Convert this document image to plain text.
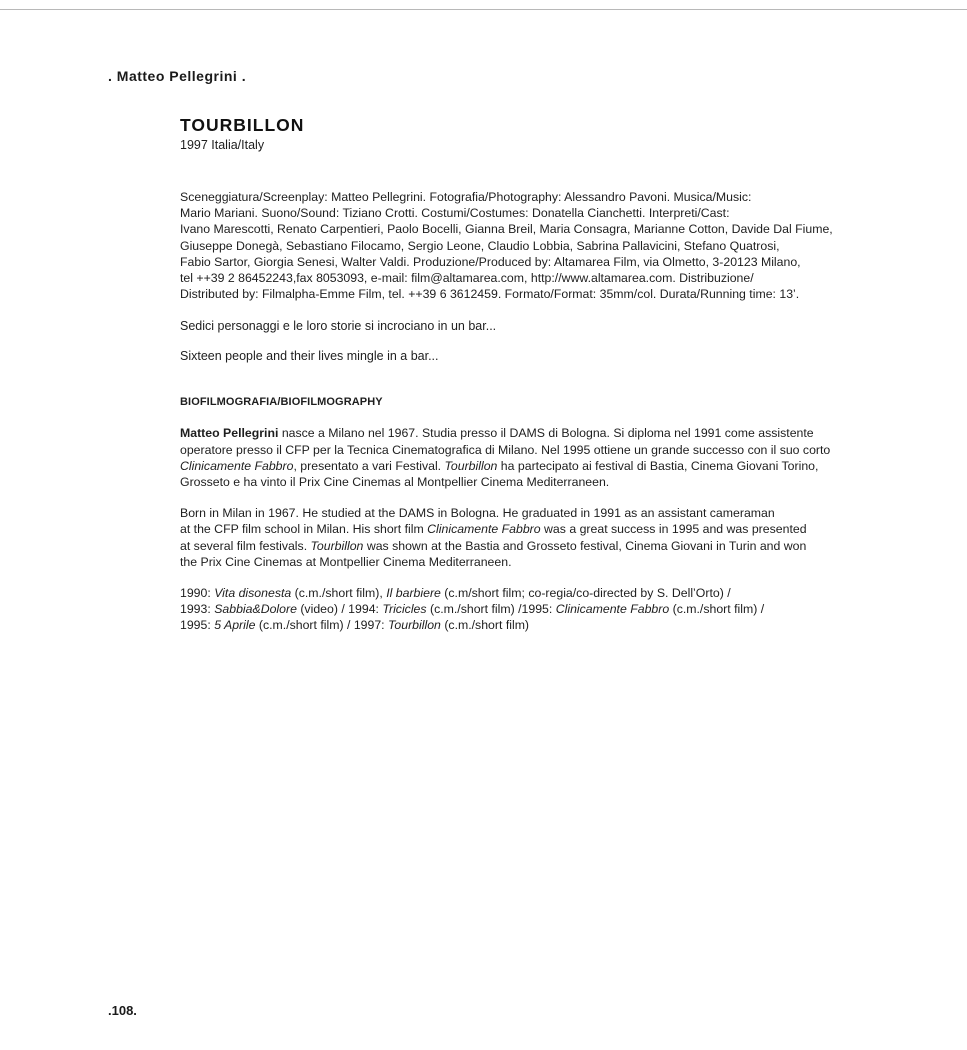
. Matteo Pellegrini .
TOURBILLON
1997 Italia/Italy
Sceneggiatura/Screenplay: Matteo Pellegrini. Fotografia/Photography: Alessandro Pavoni. Musica/Music:
Mario Mariani. Suono/Sound: Tiziano Crotti. Costumi/Costumes: Donatella Cianchetti. Interpreti/Cast:
Ivano Marescotti, Renato Carpentieri, Paolo Bocelli, Gianna Breil, Maria Consagra, Marianne Cotton, Davide Dal Fiume,
Giuseppe Donegà, Sebastiano Filocamo, Sergio Leone, Claudio Lobbia, Sabrina Pallavicini, Stefano Quatrosi,
Fabio Sartor, Giorgia Senesi, Walter Valdi. Produzione/Produced by: Altamarea Film, via Olmetto, 3-20123 Milano,
tel ++39 2 86452243,fax 8053093, e-mail: film@altamarea.com, http://www.altamarea.com. Distribuzione/
Distributed by: Filmalpha-Emme Film, tel. ++39 6 3612459. Formato/Format: 35mm/col. Durata/Running time: 13’.
Sedici personaggi e le loro storie si incrociano in un bar...
Sixteen people and their lives mingle in a bar...
BIOFILMOGRAFIA/BIOFILMOGRAPHY
Matteo Pellegrini nasce a Milano nel 1967. Studia presso il DAMS di Bologna. Si diploma nel 1991 come assistente
operatore presso il CFP per la Tecnica Cinematografica di Milano. Nel 1995 ottiene un grande successo con il suo corto
Clinicamente Fabbro, presentato a vari Festival. Tourbillon ha partecipato ai festival di Bastia, Cinema Giovani Torino,
Grosseto e ha vinto il Prix Cine Cinemas al Montpellier Cinema Mediterraneen.
Born in Milan in 1967. He studied at the DAMS in Bologna. He graduated in 1991 as an assistant cameraman
at the CFP film school in Milan. His short film Clinicamente Fabbro was a great success in 1995 and was presented
at several film festivals. Tourbillon was shown at the Bastia and Grosseto festival, Cinema Giovani in Turin and won
the Prix Cine Cinemas at Montpellier Cinema Mediterraneen.
1990: Vita disonesta (c.m./short film), Il barbiere (c.m/short film; co-regia/co-directed by S. Dell’Orto) /
1993: Sabbia&Dolore (video) / 1994: Tricicles (c.m./short film) /1995: Clinicamente Fabbro (c.m./short film) /
1995: 5 Aprile (c.m./short film) / 1997: Tourbillon (c.m./short film)
.108.
